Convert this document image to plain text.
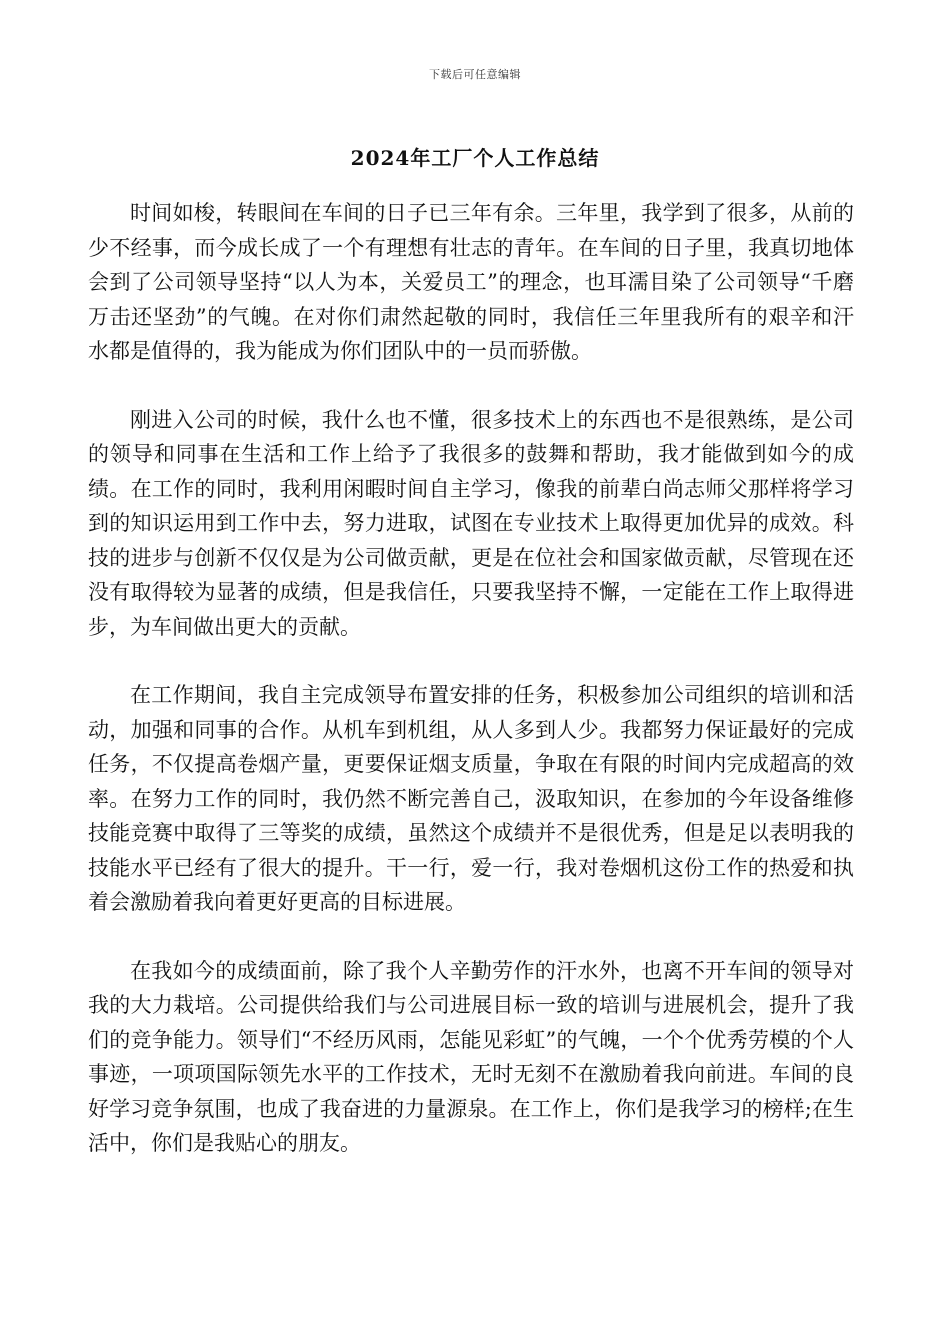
下载后可任意编辑
2024年工厂个人工作总结

时间如梭，转眼间在车间的日子已三年有余。三年里，我学到了很多，从前的少不经事，而今成长成了一个有理想有壮志的青年。在车间的日子里，我真切地体会到了公司领导坚持“以人为本，关爱员工”的理念，也耳濡目染了公司领导“千磨万击还坚劲”的气魄。在对你们肃然起敬的同时，我信任三年里我所有的艰辛和汗水都是值得的，我为能成为你们团队中的一员而骄傲。

刚进入公司的时候，我什么也不懂，很多技术上的东西也不是很熟练，是公司的领导和同事在生活和工作上给予了我很多的鼓舞和帮助，我才能做到如今的成绩。在工作的同时，我利用闲暇时间自主学习，像我的前辈白尚志师父那样将学习到的知识运用到工作中去，努力进取，试图在专业技术上取得更加优异的成效。科技的进步与创新不仅仅是为公司做贡献，更是在位社会和国家做贡献，尽管现在还没有取得较为显著的成绩，但是我信任，只要我坚持不懈，一定能在工作上取得进步，为车间做出更大的贡献。

在工作期间，我自主完成领导布置安排的任务，积极参加公司组织的培训和活动，加强和同事的合作。从机车到机组，从人多到人少。我都努力保证最好的完成任务，不仅提高卷烟产量，更要保证烟支质量，争取在有限的时间内完成超高的效率。在努力工作的同时，我仍然不断完善自己，汲取知识，在参加的今年设备维修技能竞赛中取得了三等奖的成绩，虽然这个成绩并不是很优秀，但是足以表明我的技能水平已经有了很大的提升。干一行，爱一行，我对卷烟机这份工作的热爱和执着会激励着我向着更好更高的目标进展。

在我如今的成绩面前，除了我个人辛勤劳作的汗水外，也离不开车间的领导对我的大力栽培。公司提供给我们与公司进展目标一致的培训与进展机会，提升了我们的竞争能力。领导们“不经历风雨，怎能见彩虹”的气魄，一个个优秀劳模的个人事迹，一项项国际领先水平的工作技术，无时无刻不在激励着我向前进。车间的良好学习竞争氛围，也成了我奋进的力量源泉。在工作上，你们是我学习的榜样;在生活中，你们是我贴心的朋友。
